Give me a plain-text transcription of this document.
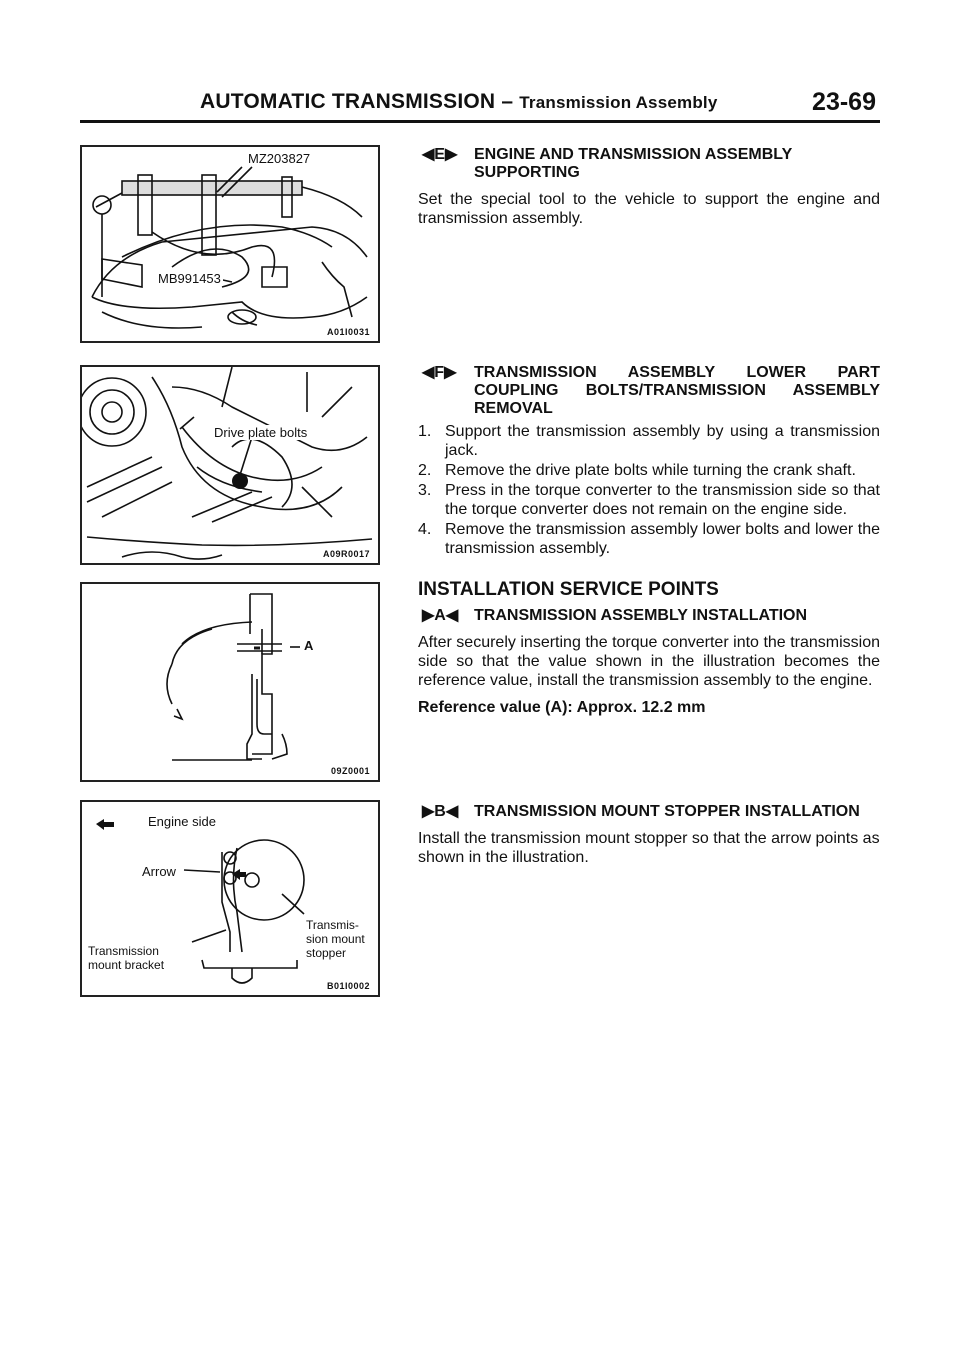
AUTOMATIC TRANSMISSION – Transmission Assembly	23-69
MZ203827
MB991453
A01I0031
Drive plate bolts
A09R0017
A
09Z0001
Engine side
Arrow
Transmission
mount bracket
Transmis-
sion mount
stopper
B01I0002
◀E▶ ENGINE AND TRANSMISSION ASSEMBLY SUPPORTING

Set the special tool to the vehicle to support the engine and transmission assembly.

◀F▶ TRANSMISSION ASSEMBLY LOWER PART COUPLING BOLTS/TRANSMISSION ASSEMBLY REMOVAL
1. Support the transmission assembly by using a transmission jack.
2. Remove the drive plate bolts while turning the crank shaft.
3. Press in the torque converter to the transmission side so that the torque converter does not remain on the engine side.
4. Remove the transmission assembly lower bolts and lower the transmission assembly.
INSTALLATION SERVICE POINTS
▶A◀ TRANSMISSION ASSEMBLY INSTALLATION

After securely inserting the torque converter into the transmission side so that the value shown in the illustration becomes the reference value, install the transmission assembly to the engine.

Reference value (A): Approx. 12.2 mm

▶B◀ TRANSMISSION MOUNT STOPPER INSTALLATION

Install the transmission mount stopper so that the arrow points as shown in the illustration.
